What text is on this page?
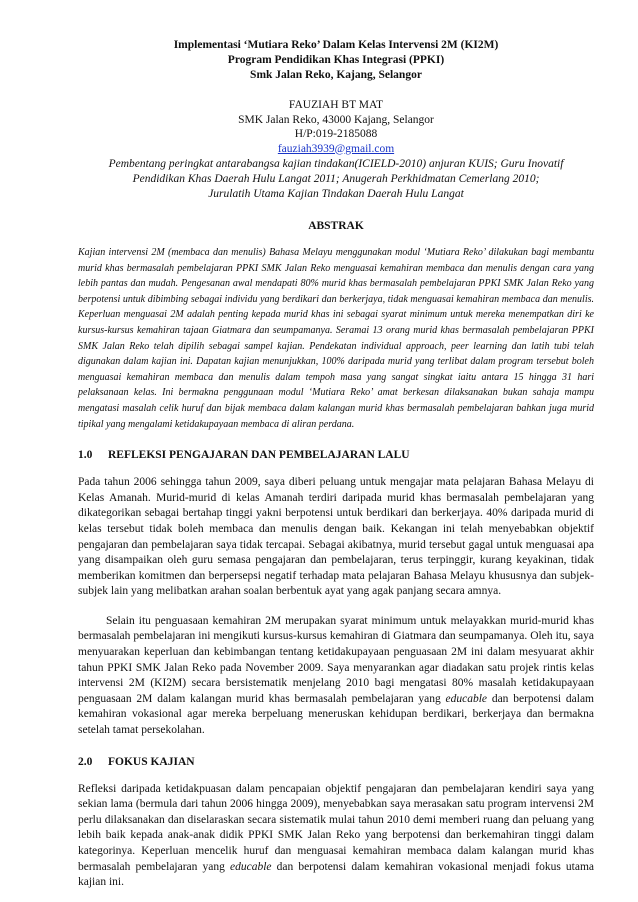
Implementasi ‘Mutiara Reko’ Dalam Kelas Intervensi 2M (KI2M)
Program Pendidikan Khas Integrasi (PPKI)
Smk Jalan Reko, Kajang, Selangor
FAUZIAH BT MAT
SMK Jalan Reko, 43000 Kajang, Selangor
H/P:019-2185088
fauziah3939@gmail.com
Pembentang peringkat antarabangsa kajian tindakan(ICIELD-2010) anjuran KUIS; Guru Inovatif
Pendidikan Khas Daerah Hulu Langat 2011; Anugerah Perkhidmatan Cemerlang 2010;
Jurulatih Utama Kajian Tindakan Daerah Hulu Langat
ABSTRAK
Kajian intervensi 2M (membaca dan menulis) Bahasa Melayu menggunakan modul ‘Mutiara Reko’ dilakukan bagi membantu murid khas bermasalah pembelajaran PPKI SMK Jalan Reko menguasai kemahiran membaca dan menulis dengan cara yang lebih pantas dan mudah. Pengesanan awal mendapati 80% murid khas bermasalah pembelajaran PPKI SMK Jalan Reko yang berpotensi untuk dibimbing sebagai individu yang berdikari dan berkerjaya, tidak menguasai kemahiran membaca dan menulis. Keperluan menguasai 2M adalah penting kepada murid khas ini sebagai syarat minimum untuk mereka menempatkan diri ke kursus-kursus kemahiran tajaan Giatmara dan seumpamanya. Seramai 13 orang murid khas bermasalah pembelajaran PPKI SMK Jalan Reko telah dipilih sebagai sampel kajian. Pendekatan individual approach, peer learning dan latih tubi telah digunakan dalam kajian ini. Dapatan kajian menunjukkan, 100% daripada murid yang terlibat dalam program tersebut boleh menguasai kemahiran membaca dan menulis dalam tempoh masa yang sangat singkat iaitu antara 15 hingga 31 hari pelaksanaan kelas. Ini bermakna penggunaan modul ‘Mutiara Reko’ amat berkesan dilaksanakan bukan sahaja mampu mengatasi masalah celik huruf dan bijak membaca dalam kalangan murid khas bermasalah pembelajaran bahkan juga murid tipikal yang mengalami ketidakupayaan membaca di aliran perdana.
1.0	REFLEKSI PENGAJARAN DAN PEMBELAJARAN LALU
Pada tahun 2006 sehingga tahun 2009, saya diberi peluang untuk mengajar mata pelajaran Bahasa Melayu di Kelas Amanah. Murid-murid di kelas Amanah terdiri daripada murid khas bermasalah pembelajaran yang dikategorikan sebagai bertahap tinggi yakni berpotensi untuk berdikari dan berkerjaya. 40% daripada murid di kelas tersebut tidak boleh membaca dan menulis dengan baik. Kekangan ini telah menyebabkan objektif pengajaran dan pembelajaran saya tidak tercapai. Sebagai akibatnya, murid tersebut gagal untuk menguasai apa yang disampaikan oleh guru semasa pengajaran dan pembelajaran, terus terpinggir, kurang keyakinan, tidak memberikan komitmen dan berpersepsi negatif terhadap mata pelajaran Bahasa Melayu khususnya dan subjek-subjek lain yang melibatkan arahan soalan berbentuk ayat yang agak panjang secara amnya.
Selain itu penguasaan kemahiran 2M merupakan syarat minimum untuk melayakkan murid-murid khas bermasalah pembelajaran ini mengikuti kursus-kursus kemahiran di Giatmara dan seumpamanya. Oleh itu, saya menyuarakan keperluan dan kebimbangan tentang ketidakupayaan penguasaan 2M ini dalam mesyuarat akhir tahun PPKI SMK Jalan Reko pada November 2009. Saya menyarankan agar diadakan satu projek rintis kelas intervensi 2M (KI2M) secara bersistematik menjelang 2010 bagi mengatasi 80% masalah ketidakupayaan penguasaan 2M dalam kalangan murid khas bermasalah pembelajaran yang educable dan berpotensi dalam kemahiran vokasional agar mereka berpeluang meneruskan kehidupan berdikari, berkerjaya dan bermakna setelah tamat persekolahan.
2.0	FOKUS KAJIAN
Refleksi daripada ketidakpuasan dalam pencapaian objektif pengajaran dan pembelajaran kendiri saya yang sekian lama (bermula dari tahun 2006 hingga 2009), menyebabkan saya merasakan satu program intervensi 2M perlu dilaksanakan dan diselaraskan secara sistematik mulai tahun 2010 demi memberi ruang dan peluang yang lebih baik kepada anak-anak didik PPKI SMK Jalan Reko yang berpotensi dan berkemahiran tinggi dalam kategorinya. Keperluan mencelik huruf dan menguasai kemahiran membaca dalam kalangan murid khas bermasalah pembelajaran yang educable dan berpotensi dalam kemahiran vokasional menjadi fokus utama kajian ini.
